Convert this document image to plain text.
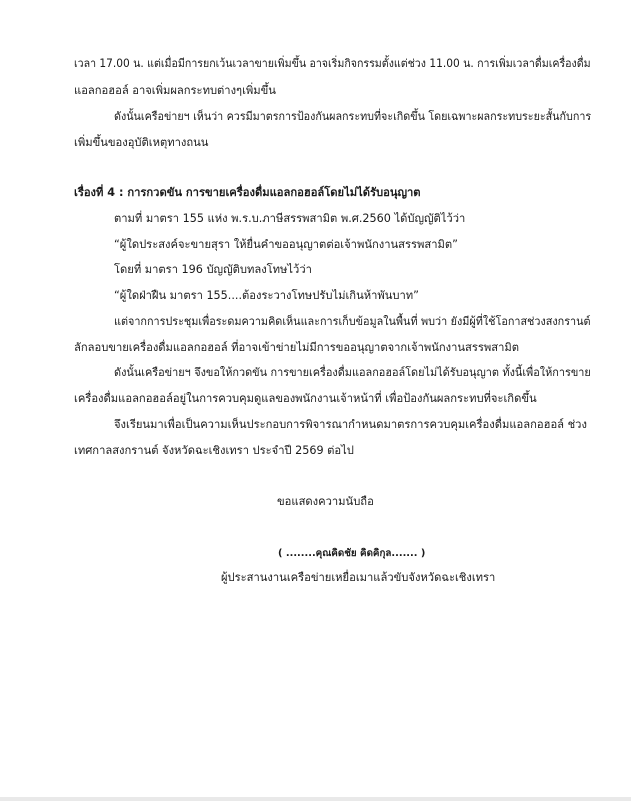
เวลา 17.00 น. แต่เมื่อมีการยกเว้นเวลาขายเพิ่มขึ้น อาจเริ่มกิจกรรมตั้งแต่ช่วง 11.00 น. การเพิ่มเวลาดื่มเครื่องดื่ม
แอลกอฮอล์ อาจเพิ่มผลกระทบต่างๆเพิ่มขึ้น
ดังนั้นเครือข่ายฯ เห็นว่า ควรมีมาตรการป้องกันผลกระทบที่จะเกิดขึ้น โดยเฉพาะผลกระทบระยะสั้นกับการ
เพิ่มขึ้นของอุบัติเหตุทางถนน
เรื่องที่ 4 : การกวดขัน การขายเครื่องดื่มแอลกอฮอล์โดยไม่ได้รับอนุญาต
ตามที่ มาตรา 155 แห่ง พ.ร.บ.ภาษีสรรพสามิต พ.ศ.2560 ได้บัญญัติไว้ว่า
“ผู้ใดประสงค์จะขายสุรา ให้ยื่นคำขออนุญาตต่อเจ้าพนักงานสรรพสามิต”
โดยที่ มาตรา 196 บัญญัติบทลงโทษไว้ว่า
“ผู้ใดฝ่าฝืน มาตรา 155....ต้องระวางโทษปรับไม่เกินห้าพันบาท”
แต่จากการประชุมเพื่อระดมความคิดเห็นและการเก็บข้อมูลในพื้นที่ พบว่า ยังมีผู้ที่ใช้โอกาสช่วงสงกรานต์
ลักลอบขายเครื่องดื่มแอลกอฮอล์ ที่อาจเข้าข่ายไม่มีการขออนุญาตจากเจ้าพนักงานสรรพสามิต
ดังนั้นเครือข่ายฯ จึงขอให้กวดขัน การขายเครื่องดื่มแอลกอฮอล์โดยไม่ได้รับอนุญาต ทั้งนี้เพื่อให้การขาย
เครื่องดื่มแอลกอฮอล์อยู่ในการควบคุมดูแลของพนักงานเจ้าหน้าที่ เพื่อป้องกันผลกระทบที่จะเกิดขึ้น
จึงเรียนมาเพื่อเป็นความเห็นประกอบการพิจารณากำหนดมาตรการควบคุมเครื่องดื่มแอลกอฮอล์ ช่วง
เทศกาลสงกรานต์ จังหวัดฉะเชิงเทรา ประจำปี 2569 ต่อไป
ขอแสดงความนับถือ
( ........คุณคิดชัย คิดคิกุล....... )
ผู้ประสานงานเครือข่ายเหยื่อเมาแล้วขับจังหวัดฉะเชิงเทรา
